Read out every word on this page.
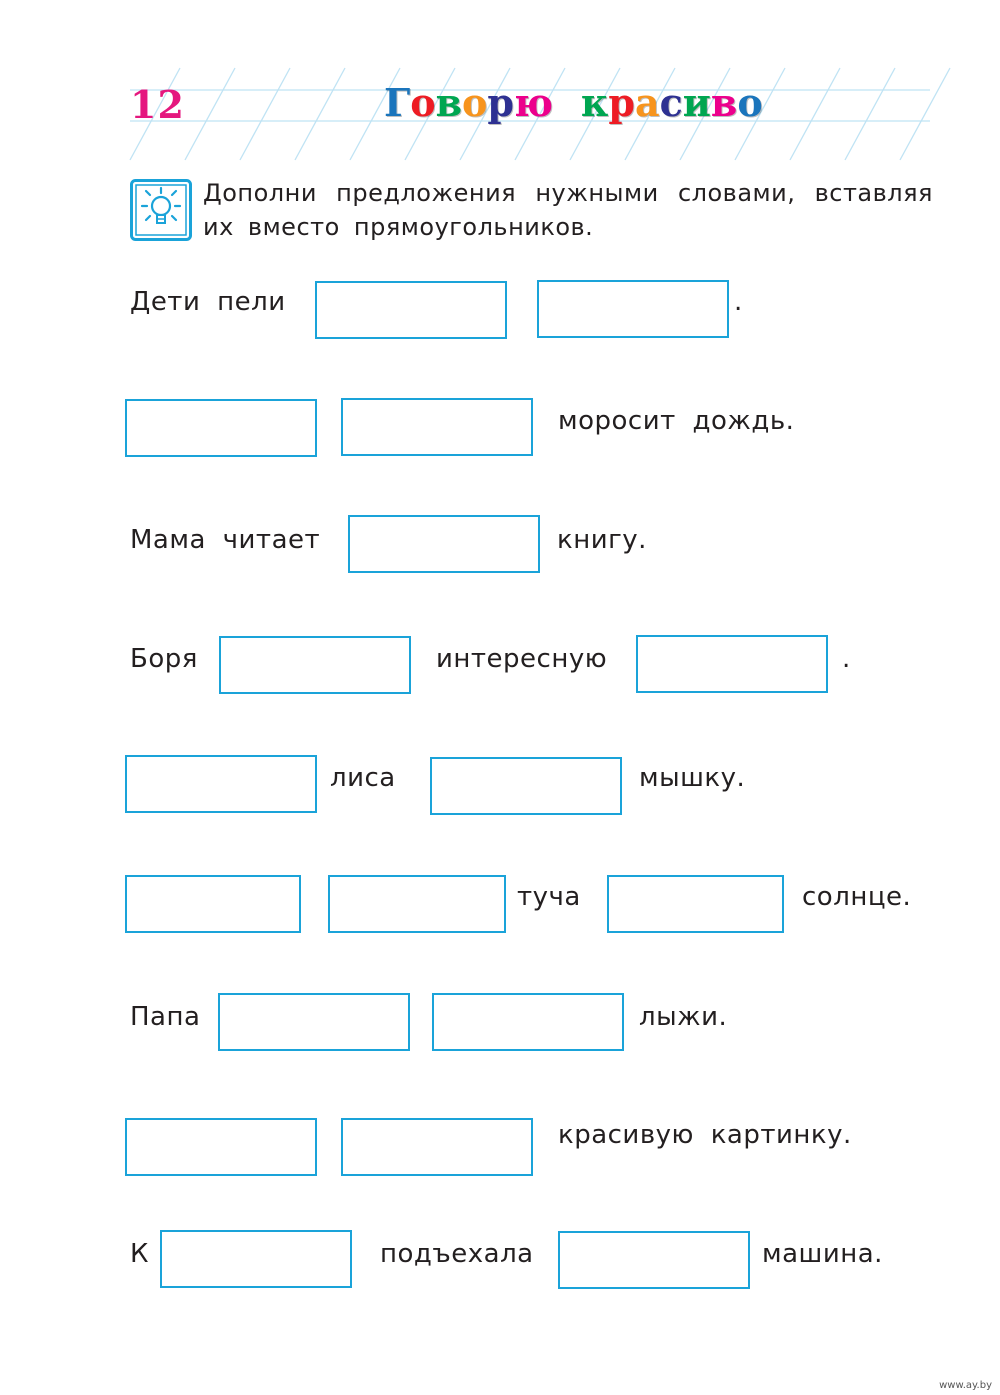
12	Говорю красиво
Дополни предложения нужными словами, вставляя их вместо прямоугольников.
Дети пели	.
моросит дождь.
Мама читает	книгу.
Боря	интересную	.
лиса	мышку.
туча	солнце.
Папа	лыжи.
красивую картинку.
К	подъехала	машина.
www.ay.by
